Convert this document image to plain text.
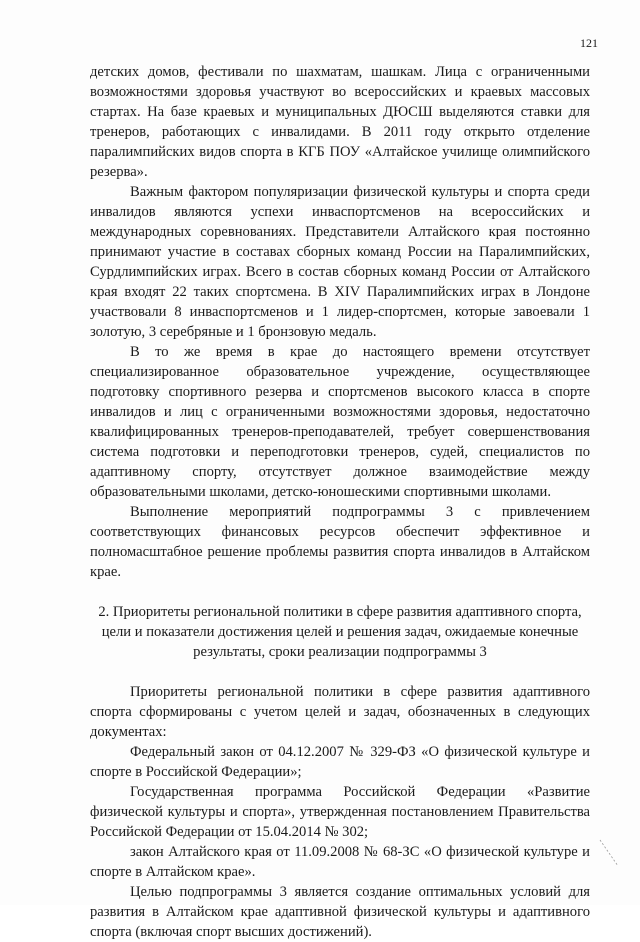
121

детских домов, фестивали по шахматам, шашкам. Лица с ограниченными возможностями здоровья участвуют во всероссийских и краевых массовых стартах. На базе краевых и муниципальных ДЮСШ выделяются ставки для тренеров, работающих с инвалидами. В 2011 году открыто отделение паралимпийских видов спорта в КГБ ПОУ «Алтайское училище олимпийского резерва».

Важным фактором популяризации физической культуры и спорта среди инвалидов являются успехи инваспортсменов на всероссийских и международных соревнованиях. Представители Алтайского края постоянно принимают участие в составах сборных команд России на Паралимпийских, Сурдлимпийских играх. Всего в состав сборных команд России от Алтайского края входят 22 таких спортсмена. В XIV Паралимпийских играх в Лондоне участвовали 8 инваспортсменов и 1 лидер-спортсмен, которые завоевали 1 золотую, 3 серебряные и 1 бронзовую медаль.

В то же время в крае до настоящего времени отсутствует специализированное образовательное учреждение, осуществляющее подготовку спортивного резерва и спортсменов высокого класса в спорте инвалидов и лиц с ограниченными возможностями здоровья, недостаточно квалифицированных тренеров-преподавателей, требует совершенствования система подготовки и переподготовки тренеров, судей, специалистов по адаптивному спорту, отсутствует должное взаимодействие между образовательными школами, детско-юношескими спортивными школами.

Выполнение мероприятий подпрограммы 3 с привлечением соответствующих финансовых ресурсов обеспечит эффективное и полномасштабное решение проблемы развития спорта инвалидов в Алтайском крае.

2. Приоритеты региональной политики в сфере развития адаптивного спорта, цели и показатели достижения целей и решения задач, ожидаемые конечные результаты, сроки реализации подпрограммы 3

Приоритеты региональной политики в сфере развития адаптивного спорта сформированы с учетом целей и задач, обозначенных в следующих документах:

Федеральный закон от 04.12.2007 № 329-ФЗ «О физической культуре и спорте в Российской Федерации»;

Государственная программа Российской Федерации «Развитие физической культуры и спорта», утвержденная постановлением Правительства Российской Федерации от 15.04.2014 № 302;

закон Алтайского края от 11.09.2008 № 68-ЗС «О физической культуре и спорте в Алтайском крае».

Целью подпрограммы 3 является создание оптимальных условий для развития в Алтайском крае адаптивной физической культуры и адаптивного спорта (включая спорт высших достижений).
